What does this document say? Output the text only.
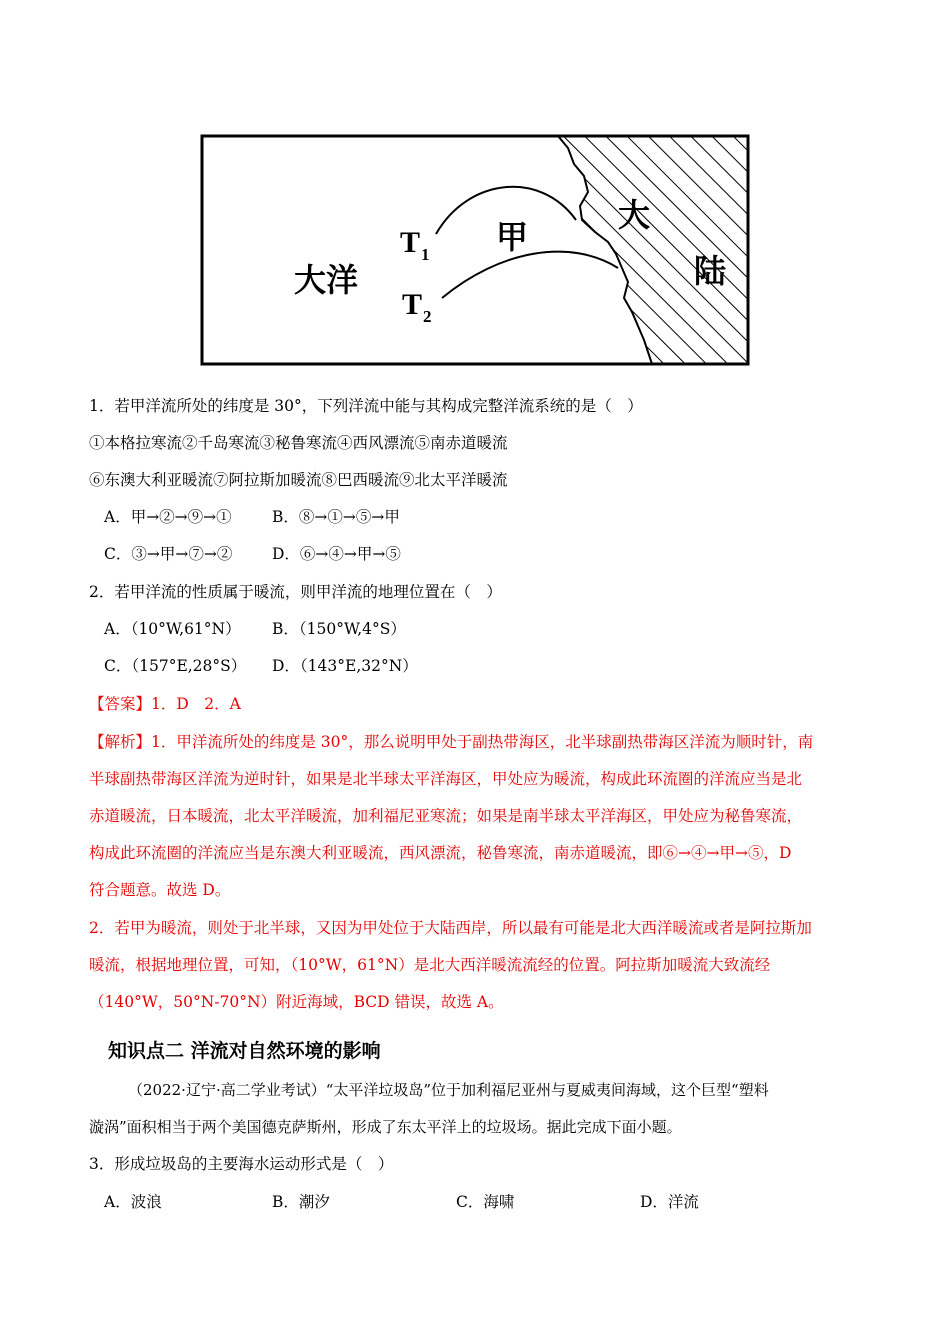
大洋
甲
大
陆
$T_1$
$T_2$
1．若甲洋流所处的纬度是 30°，下列洋流中能与其构成完整洋流系统的是（　）
①本格拉寒流②千岛寒流③秘鲁寒流④西风漂流⑤南赤道暖流
⑥东澳大利亚暖流⑦阿拉斯加暖流⑧巴西暖流⑨北太平洋暖流
A．甲→②→⑨→①	B．⑧→①→⑤→甲
C．③→甲→⑦→②	D．⑥→④→甲→⑤
2．若甲洋流的性质属于暖流，则甲洋流的地理位置在（　）
A．（10°W,61°N） B．（150°W,4°S）
C．（157°E,28°S） D．（143°E,32°N）
【答案】1．D　2．A
【解析】1．甲洋流所处的纬度是 30°，那么说明甲处于副热带海区，北半球副热带海区洋流为顺时针，南
半球副热带海区洋流为逆时针，如果是北半球太平洋海区，甲处应为暖流，构成此环流圈的洋流应当是北
赤道暖流，日本暖流，北太平洋暖流，加利福尼亚寒流；如果是南半球太平洋海区，甲处应为秘鲁寒流，
构成此环流圈的洋流应当是东澳大利亚暖流，西风漂流，秘鲁寒流，南赤道暖流，即⑥→④→甲→⑤，D
符合题意。故选 D。
2．若甲为暖流，则处于北半球，又因为甲处位于大陆西岸，所以最有可能是北大西洋暖流或者是阿拉斯加
暖流，根据地理位置，可知，（10°W，61°N）是北大西洋暖流流经的位置。阿拉斯加暖流大致流经
（140°W，50°N-70°N）附近海域，BCD 错误，故选 A。
知识点二 洋流对自然环境的影响
（2022·辽宁·高二学业考试）“太平洋垃圾岛”位于加利福尼亚州与夏威夷间海域，这个巨型“塑料
漩涡”面积相当于两个美国德克萨斯州，形成了东太平洋上的垃圾场。据此完成下面小题。
3．形成垃圾岛的主要海水运动形式是（　）
A．波浪	B．潮汐	C．海啸	D．洋流
